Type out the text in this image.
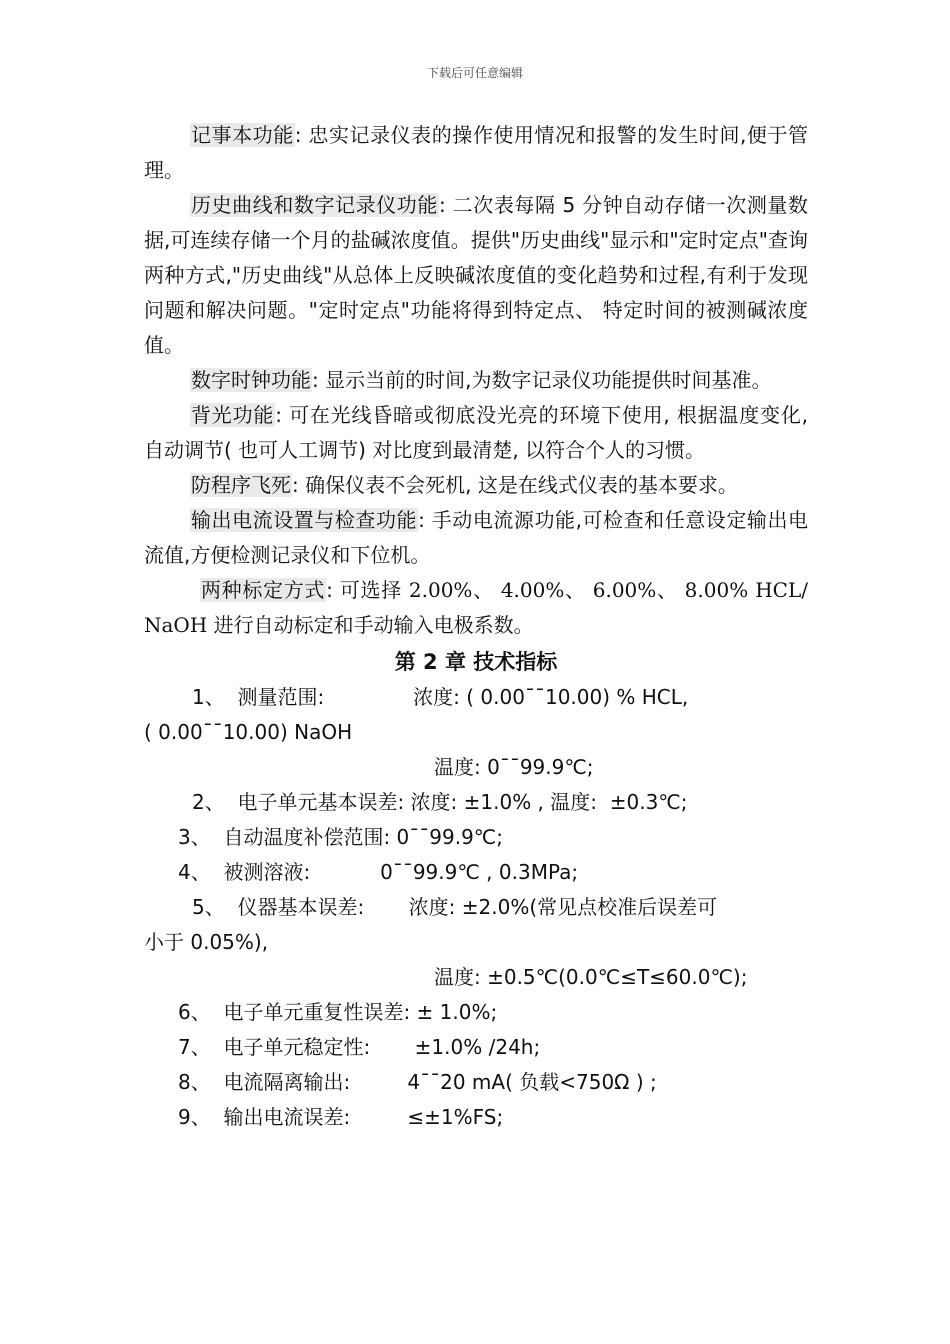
下载后可任意编辑

记事本功能: 忠实记录仪表的操作使用情况和报警的发生时间,便于管理。

历史曲线和数字记录仪功能: 二次表每隔 5 分钟自动存储一次测量数据,可连续存储一个月的盐碱浓度值。提供"历史曲线"显示和"定时定点"查询两种方式,"历史曲线"从总体上反映碱浓度值的变化趋势和过程,有利于发现问题和解决问题。"定时定点"功能将得到特定点、 特定时间的被测碱浓度值。

数字时钟功能: 显示当前的时间,为数字记录仪功能提供时间基准。

背光功能: 可在光线昏暗或彻底没光亮的环境下使用, 根据温度变化, 自动调节( 也可人工调节) 对比度到最清楚, 以符合个人的习惯。

防程序飞死: 确保仪表不会死机, 这是在线式仪表的基本要求。

输出电流设置与检查功能: 手动电流源功能,可检查和任意设定输出电流值,方便检测记录仪和下位机。

两种标定方式: 可选择 2.00%、 4.00%、 6.00%、 8.00% HCL/NaOH 进行自动标定和手动输入电极系数。

第 2 章 技术指标

1、  测量范围:              浓度: ( 0.00¯¯10.00) % HCL,

( 0.00¯¯10.00) NaOH

温度: 0¯¯99.9℃;

2、  电子单元基本误差: 浓度: ±1.0% , 温度:  ±0.3℃;

3、  自动温度补偿范围: 0¯¯99.9℃;

4、  被测溶液:           0¯¯99.9℃ , 0.3MPa;

5、  仪器基本误差:       浓度: ±2.0%(常见点校准后误差可

小于 0.05%),

温度: ±0.5℃(0.0℃≤T≤60.0℃);

6、  电子单元重复性误差: ± 1.0%;

7、  电子单元稳定性:       ±1.0% /24h;

8、  电流隔离输出:         4¯¯20 mA( 负载<750Ω ) ;

9、  输出电流误差:         ≤±1%FS;
